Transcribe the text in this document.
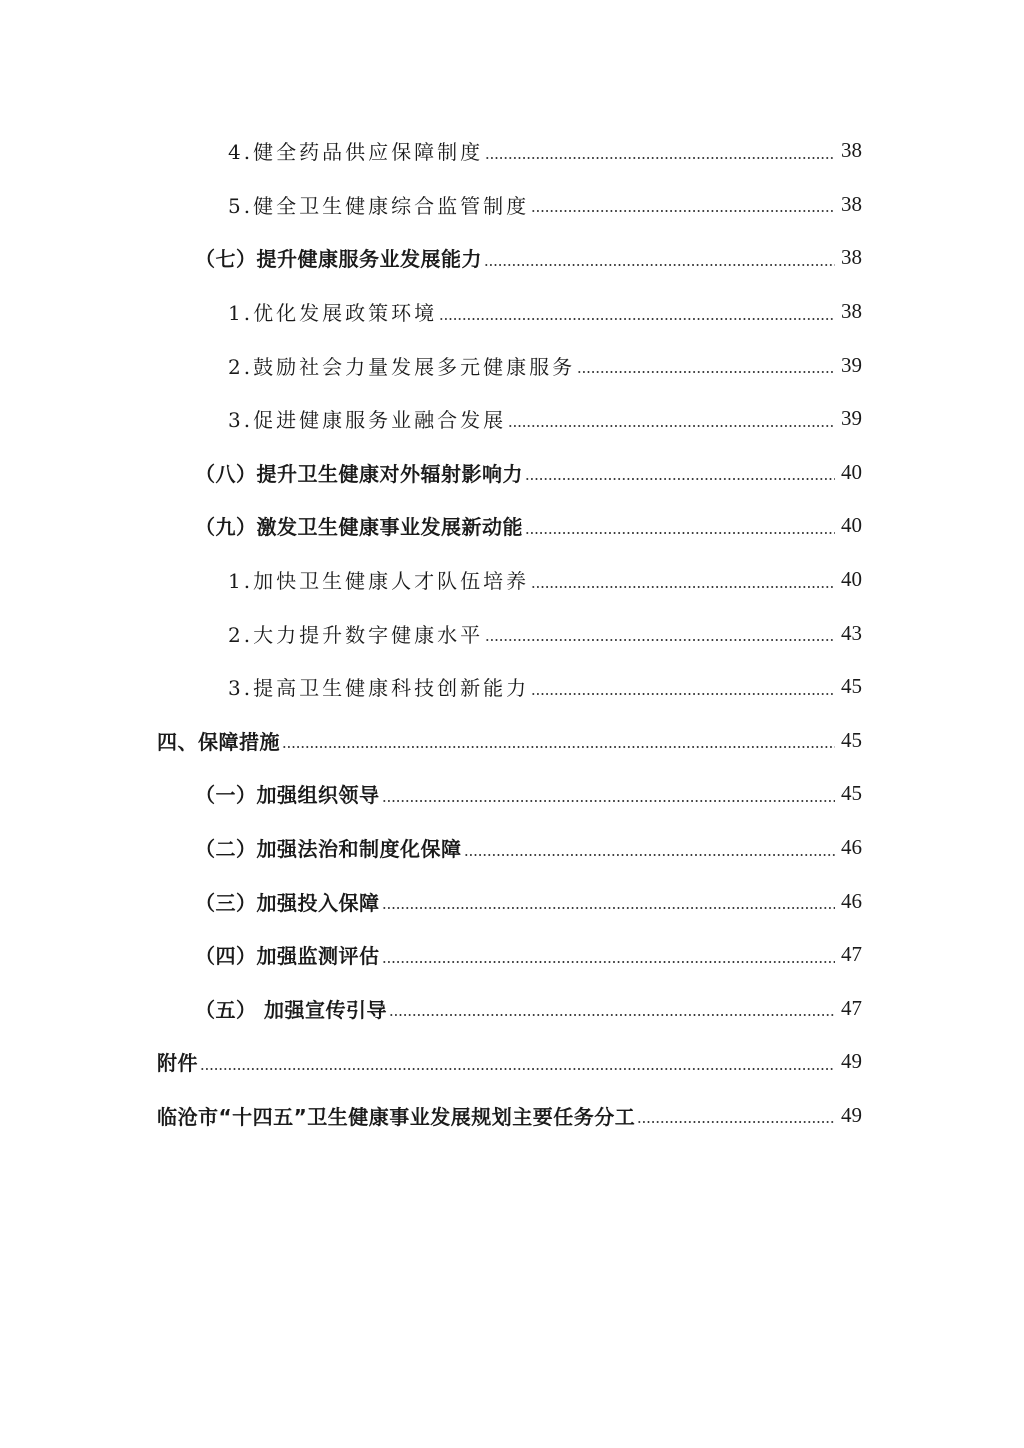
4.健全药品供应保障制度	38
5.健全卫生健康综合监管制度	38
（七）提升健康服务业发展能力	38
1.优化发展政策环境	38
2.鼓励社会力量发展多元健康服务	39
3.促进健康服务业融合发展	39
（八）提升卫生健康对外辐射影响力	40
（九）激发卫生健康事业发展新动能	40
1.加快卫生健康人才队伍培养	40
2.大力提升数字健康水平	43
3.提高卫生健康科技创新能力	45
四、保障措施	45
（一）加强组织领导	45
（二）加强法治和制度化保障	46
（三）加强投入保障	46
（四）加强监测评估	47
（五） 加强宣传引导	47
附件	49
临沧市“十四五”卫生健康事业发展规划主要任务分工	49
